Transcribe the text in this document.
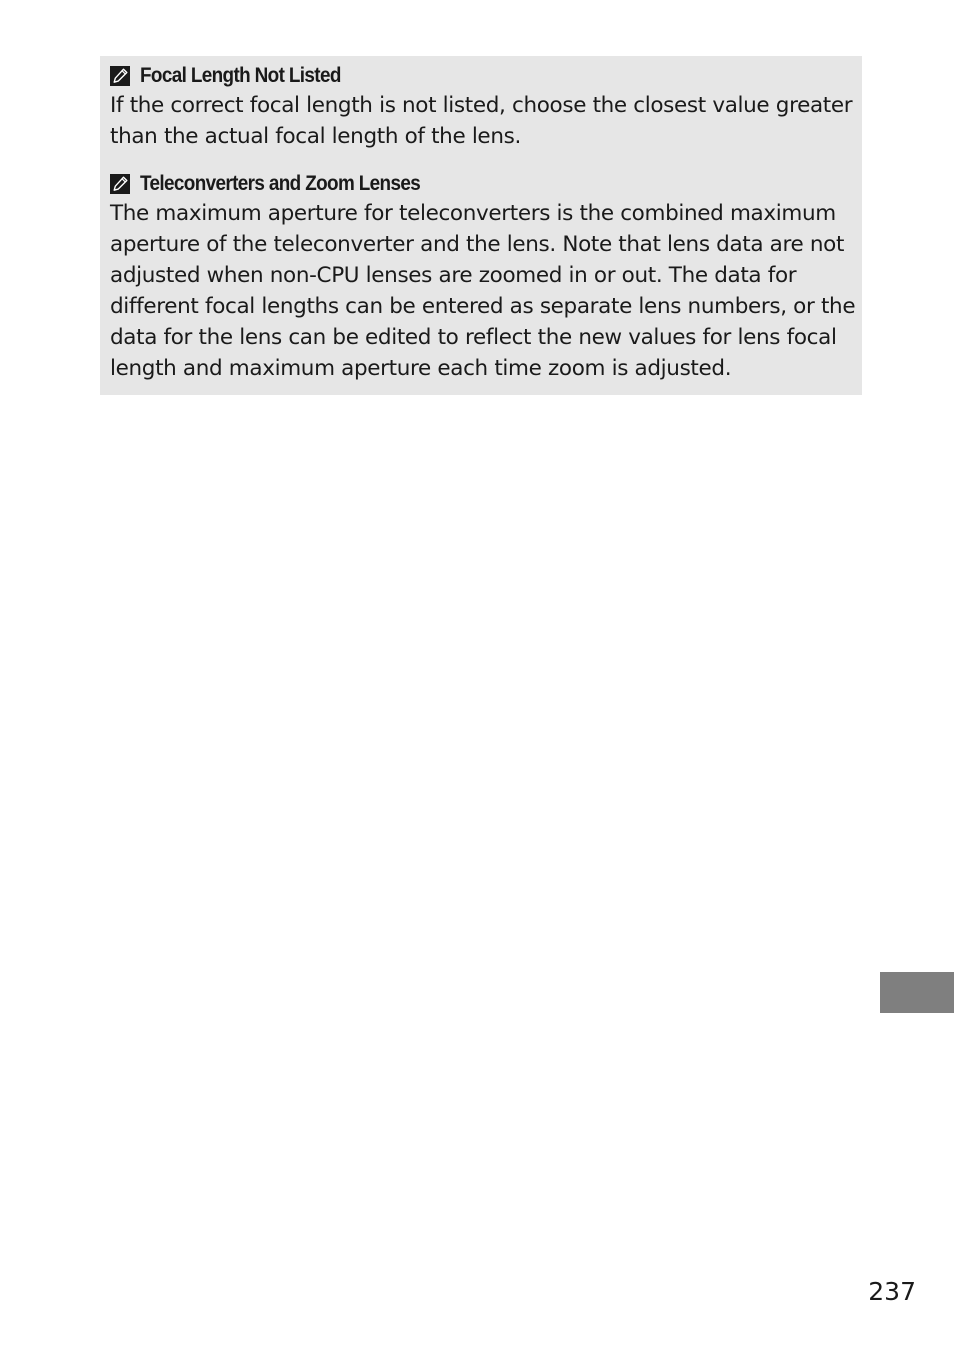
Focal Length Not Listed

If the correct focal length is not listed, choose the closest value greater
than the actual focal length of the lens.

Teleconverters and Zoom Lenses

The maximum aperture for teleconverters is the combined maximum
aperture of the teleconverter and the lens. Note that lens data are not
adjusted when non-CPU lenses are zoomed in or out. The data for
different focal lengths can be entered as separate lens numbers, or the
data for the lens can be edited to reflect the new values for lens focal
length and maximum aperture each time zoom is adjusted.

237
